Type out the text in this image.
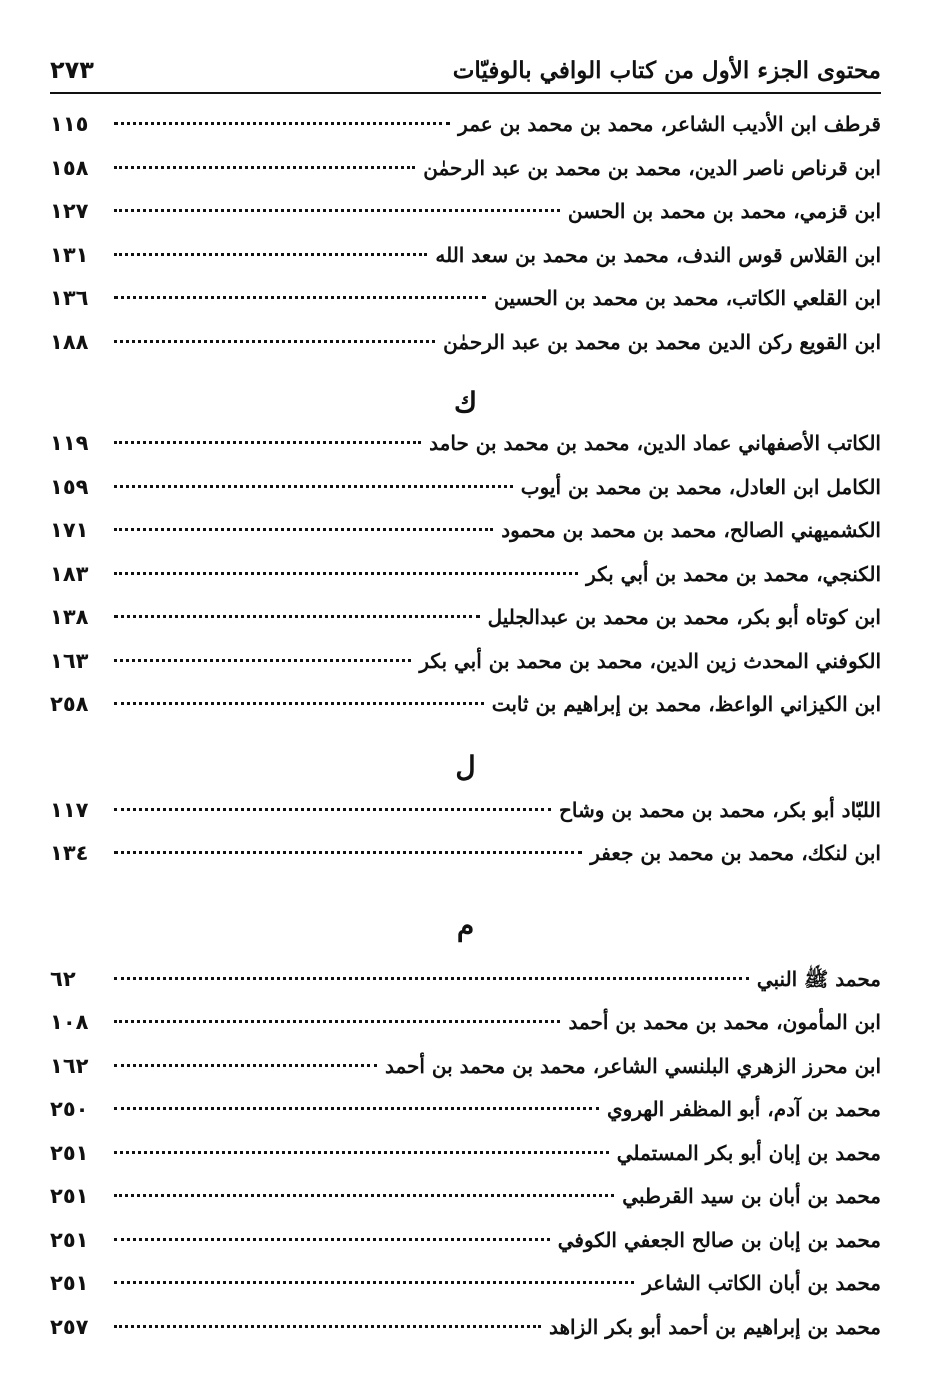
محتوى الجزء الأول من كتاب الوافي بالوفيّات
٢٧٣
قرطف ابن الأديب الشاعر، محمد بن محمد بن عمر
١١٥
ابن قرناص ناصر الدين، محمد بن محمد بن عبد الرحمٰن
١٥٨
ابن قزمي، محمد بن محمد بن الحسن
١٢٧
ابن القلاس قوس الندف، محمد بن محمد بن سعد الله
١٣١
ابن القلعي الكاتب، محمد بن محمد بن الحسين
١٣٦
ابن القويع ركن الدين محمد بن محمد بن عبد الرحمٰن
١٨٨
ك
الكاتب الأصفهاني عماد الدين، محمد بن محمد بن حامد
١١٩
الكامل ابن العادل، محمد بن محمد بن أيوب
١٥٩
الكشميهني الصالح، محمد بن محمد بن محمود
١٧١
الكنجي، محمد بن محمد بن أبي بكر
١٨٣
ابن كوتاه أبو بكر، محمد بن محمد بن عبدالجليل
١٣٨
الكوفني المحدث زين الدين، محمد بن محمد بن أبي بكر
١٦٣
ابن الكيزاني الواعظ، محمد بن إبراهيم بن ثابت
٢٥٨
ل
اللبّاد أبو بكر، محمد بن محمد بن وشاح
١١٧
ابن لنكك، محمد بن محمد بن جعفر
١٣٤
م
محمد ﷺ النبي
٦٢
ابن المأمون، محمد بن محمد بن أحمد
١٠٨
ابن محرز الزهري البلنسي الشاعر، محمد بن محمد بن أحمد
١٦٢
محمد بن آدم، أبو المظفر الهروي
٢٥٠
محمد بن إبان أبو بكر المستملي
٢٥١
محمد بن أبان بن سيد القرطبي
٢٥١
محمد بن إبان بن صالح الجعفي الكوفي
٢٥١
محمد بن أبان الكاتب الشاعر
٢٥١
محمد بن إبراهيم بن أحمد أبو بكر الزاهد
٢٥٧
